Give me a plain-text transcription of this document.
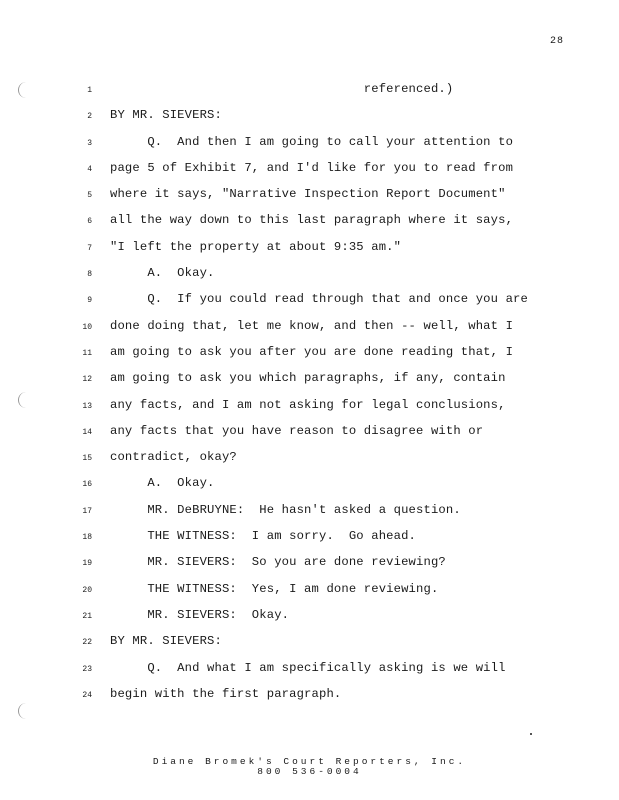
28
1 referenced.)
2 BY MR. SIEVERS:
3 Q.  And then I am going to call your attention to
4 page 5 of Exhibit 7, and I'd like for you to read from
5 where it says, "Narrative Inspection Report Document"
6 all the way down to this last paragraph where it says,
7 "I left the property at about 9:35 am."
8 A.  Okay.
9 Q.  If you could read through that and once you are
10 done doing that, let me know, and then -- well, what I
11 am going to ask you after you are done reading that, I
12 am going to ask you which paragraphs, if any, contain
13 any facts, and I am not asking for legal conclusions,
14 any facts that you have reason to disagree with or
15 contradict, okay?
16 A.  Okay.
17 MR. DeBRUYNE:  He hasn't asked a question.
18 THE WITNESS:  I am sorry.  Go ahead.
19 MR. SIEVERS:  So you are done reviewing?
20 THE WITNESS:  Yes, I am done reviewing.
21 MR. SIEVERS:  Okay.
22 BY MR. SIEVERS:
23 Q.  And what I am specifically asking is we will
24 begin with the first paragraph.
Diane Bromek's Court Reporters, Inc.
800 536-0004
